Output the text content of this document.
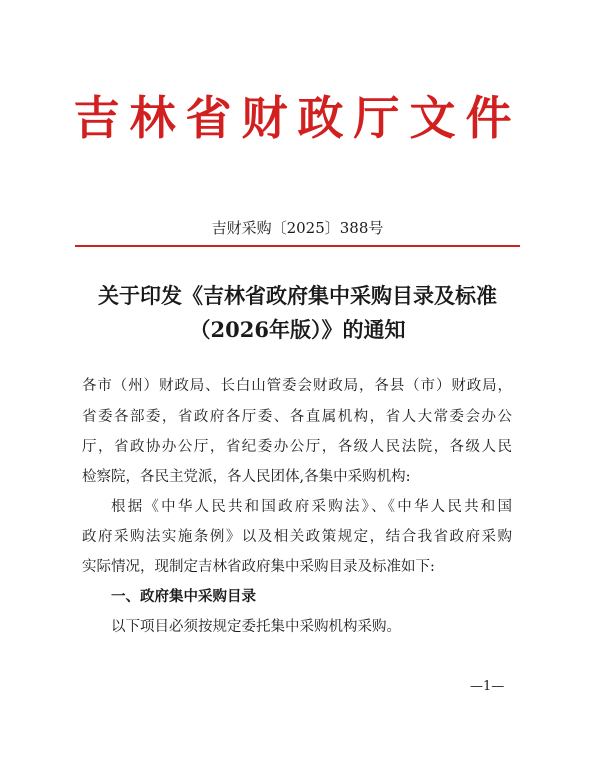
吉林省财政厅文件
吉财采购〔2025〕388号
关于印发《吉林省政府集中采购目录及标准
（2026年版）》的通知
各市（州）财政局、长白山管委会财政局，各县（市）财政局，
省委各部委，省政府各厅委、各直属机构，省人大常委会办公
厅，省政协办公厅，省纪委办公厅，各级人民法院，各级人民
检察院，各民主党派，各人民团体,各集中采购机构:
根据《中华人民共和国政府采购法》、《中华人民共和国
政府采购法实施条例》以及相关政策规定，结合我省政府采购
实际情况，现制定吉林省政府集中采购目录及标准如下:
一、政府集中采购目录
以下项目必须按规定委托集中采购机构采购。
—1—
